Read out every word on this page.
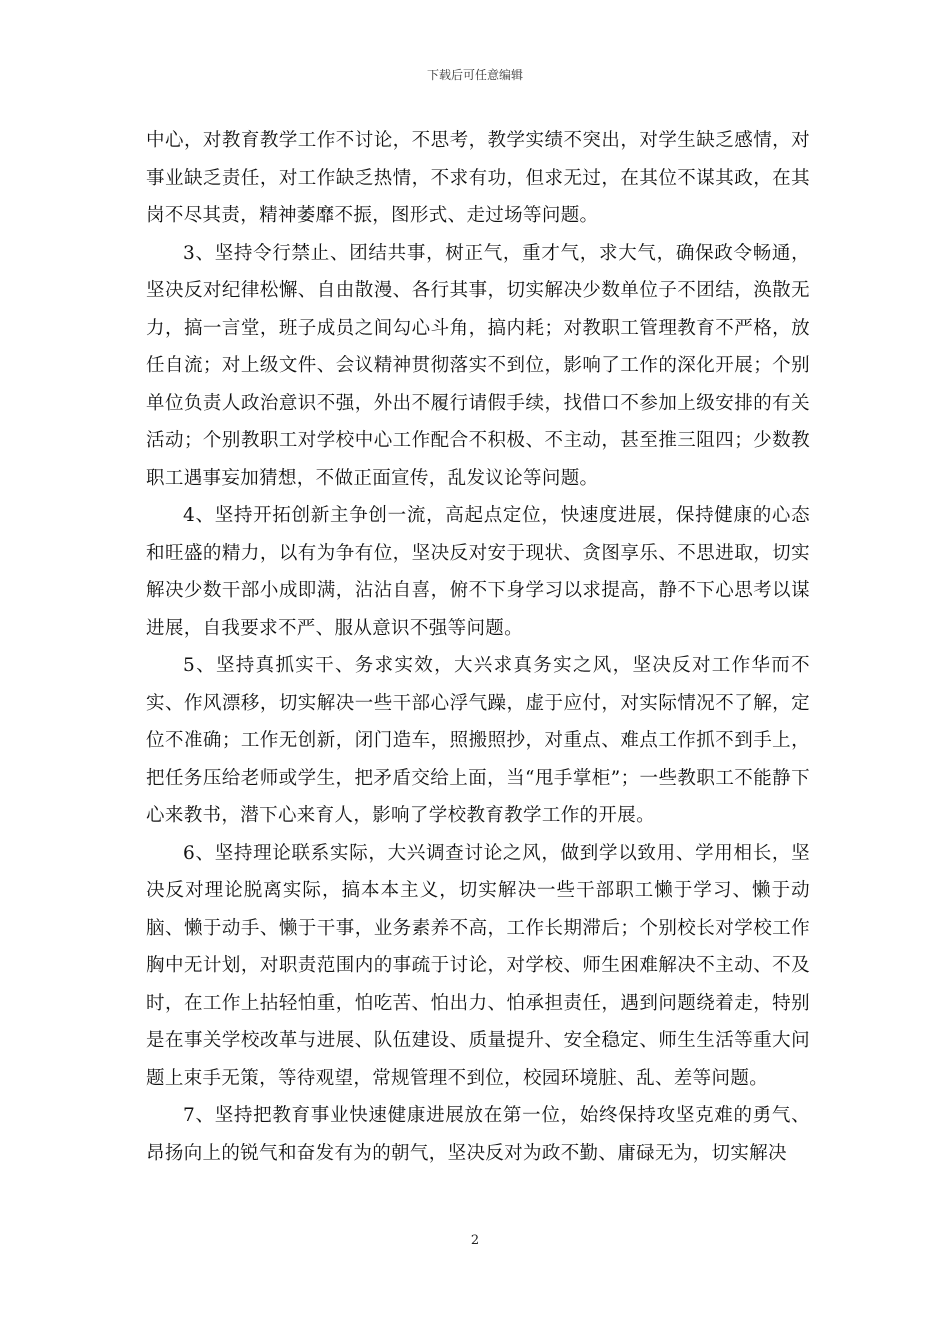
下载后可任意编辑

中心，对教育教学工作不讨论，不思考，教学实绩不突出，对学生缺乏感情，对事业缺乏责任，对工作缺乏热情，不求有功，但求无过，在其位不谋其政，在其岗不尽其责，精神萎靡不振，图形式、走过场等问题。

3、坚持令行禁止、团结共事，树正气，重才气，求大气，确保政令畅通，坚决反对纪律松懈、自由散漫、各行其事，切实解决少数单位子不团结，涣散无力，搞一言堂，班子成员之间勾心斗角，搞内耗；对教职工管理教育不严格，放任自流；对上级文件、会议精神贯彻落实不到位，影响了工作的深化开展；个别单位负责人政治意识不强，外出不履行请假手续，找借口不参加上级安排的有关活动；个别教职工对学校中心工作配合不积极、不主动，甚至推三阻四；少数教职工遇事妄加猜想，不做正面宣传，乱发议论等问题。

4、坚持开拓创新主争创一流，高起点定位，快速度进展，保持健康的心态和旺盛的精力，以有为争有位，坚决反对安于现状、贪图享乐、不思进取，切实解决少数干部小成即满，沾沾自喜，俯不下身学习以求提高，静不下心思考以谋进展，自我要求不严、服从意识不强等问题。

5、坚持真抓实干、务求实效，大兴求真务实之风，坚决反对工作华而不实、作风漂移，切实解决一些干部心浮气躁，虚于应付，对实际情况不了解，定位不准确；工作无创新，闭门造车，照搬照抄，对重点、难点工作抓不到手上，把任务压给老师或学生，把矛盾交给上面，当“甩手掌柜”；一些教职工不能静下心来教书，潜下心来育人，影响了学校教育教学工作的开展。

6、坚持理论联系实际，大兴调查讨论之风，做到学以致用、学用相长，坚决反对理论脱离实际，搞本本主义，切实解决一些干部职工懒于学习、懒于动脑、懒于动手、懒于干事，业务素养不高，工作长期滞后；个别校长对学校工作胸中无计划，对职责范围内的事疏于讨论，对学校、师生困难解决不主动、不及时，在工作上拈轻怕重，怕吃苦、怕出力、怕承担责任，遇到问题绕着走，特别是在事关学校改革与进展、队伍建设、质量提升、安全稳定、师生生活等重大问题上束手无策，等待观望，常规管理不到位，校园环境脏、乱、差等问题。

7、坚持把教育事业快速健康进展放在第一位，始终保持攻坚克难的勇气、昂扬向上的锐气和奋发有为的朝气，坚决反对为政不勤、庸碌无为，切实解决

2
